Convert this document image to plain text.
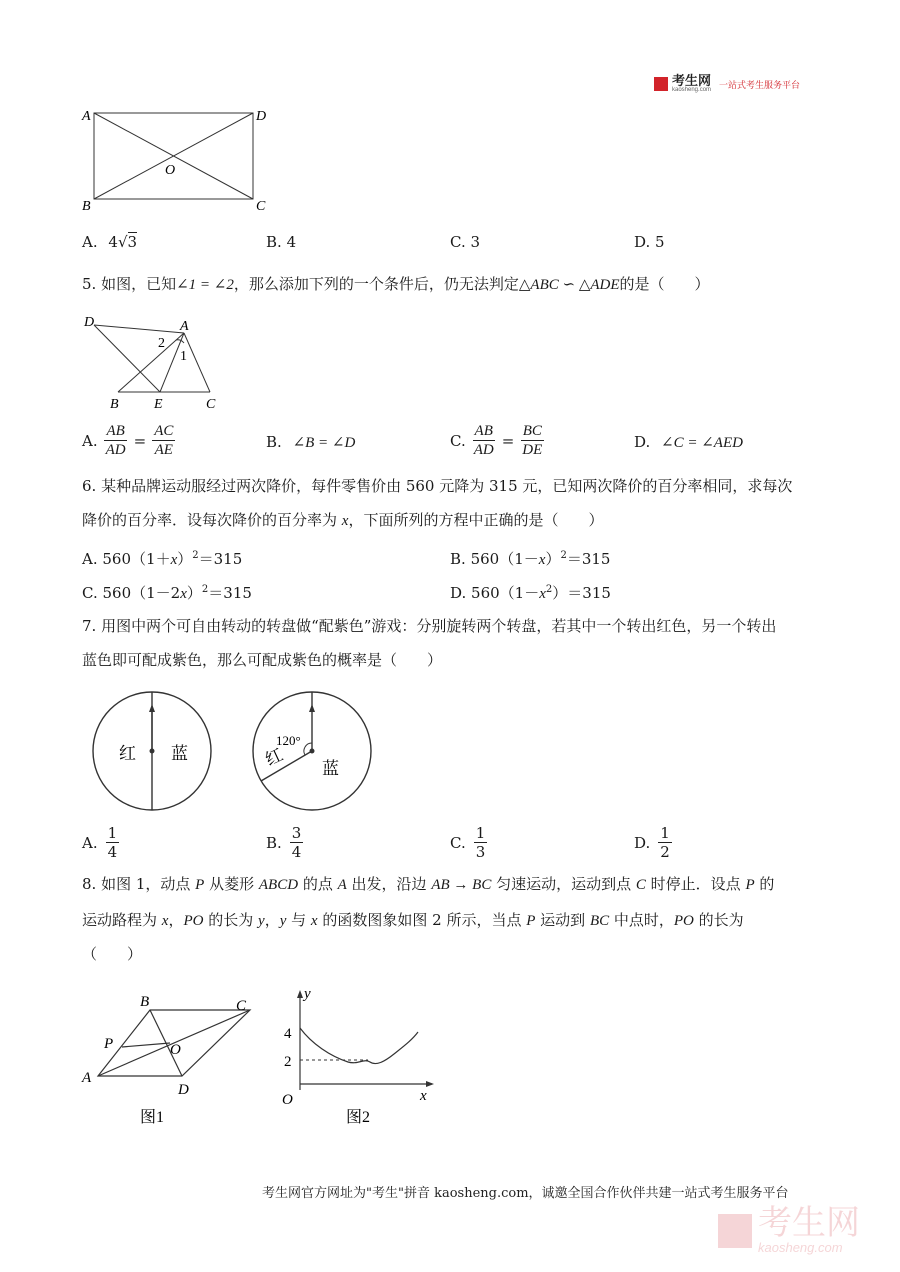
考生网
kaosheng.com 一站式考生服务平台
A	D
O
B	C
A. 4√3	B. 4	C. 3	D. 5
5. 如图，已知∠1 = ∠2，那么添加下列的一个条件后，仍无法判定△ABC ∽ △ADE的是（　　）
D	A
2
1
B	E	C
A. $\frac{AB}{AD} = \frac{AC}{AE}$	B. ∠B = ∠D	C. $\frac{AB}{AD} = \frac{BC}{DE}$	D. ∠C = ∠AED
6. 某种品牌运动服经过两次降价，每件零售价由 560 元降为 315 元，已知两次降价的百分率相同，求每次
降价的百分率．设每次降价的百分率为 x，下面所列的方程中正确的是（　　）
A. $560(1+x)^2=315$	B. $560(1-x)^2=315$
C. $560(1-2x)^2=315$	D. $560(1-x^2)=315$
7. 用图中两个可自由转动的转盘做“配紫色”游戏：分别旋转两个转盘，若其中一个转出红色，另一个转出
蓝色即可配成紫色，那么可配成紫色的概率是（　　）
红 蓝
120°
红 蓝
A. $\frac{1}{4}$	B. $\frac{3}{4}$	C. $\frac{1}{3}$	D. $\frac{1}{2}$
8. 如图 1，动点 P 从菱形 ABCD 的点 A 出发，沿边 AB → BC 匀速运动，运动到点 C 时停止．设点 P 的
运动路程为 x，PO 的长为 y，y 与 x 的函数图象如图 2 所示，当点 P 运动到 BC 中点时，PO 的长为
（　　）
B	C
P	O
A
D
图1
y
4
2
O	x
图2
考生网官方网址为"考生"拼音 kaosheng.com，诚邀全国合作伙伴共建一站式考生服务平台
考生网
kaosheng.com
